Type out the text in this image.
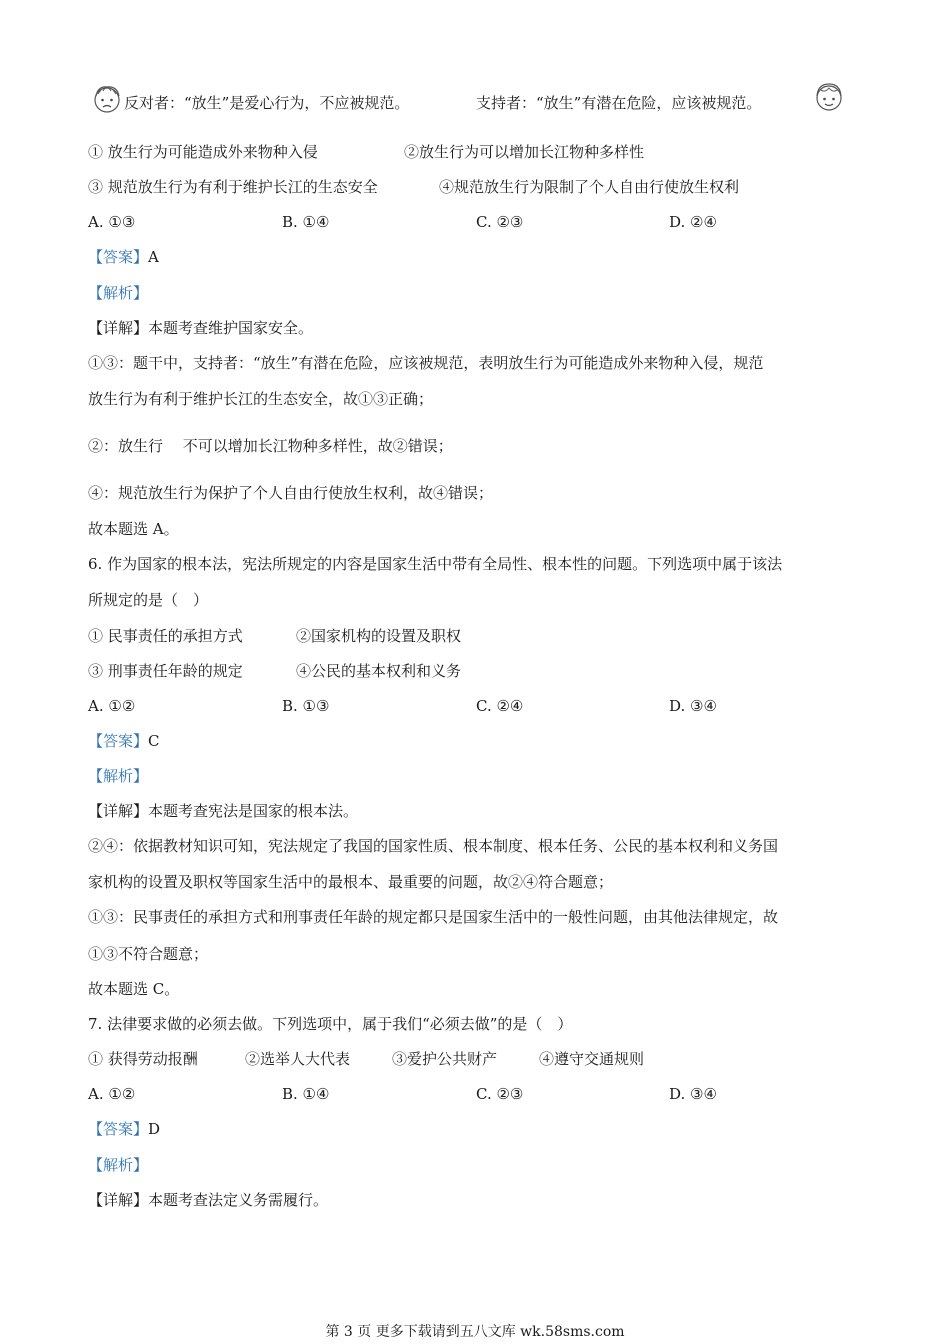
反对者：“放生”是爱心行为，不应被规范。	支持者：“放生”有潜在危险，应该被规范。
① 放生行为可能造成外来物种入侵	②放生行为可以增加长江物种多样性
③ 规范放生行为有利于维护长江的生态安全	④规范放生行为限制了个人自由行使放生权利
A. ①③	B. ①④	C. ②③	D. ②④
【答案】A
【解析】
【详解】本题考查维护国家安全。
①③：题干中，支持者：“放生”有潜在危险，应该被规范，表明放生行为可能造成外来物种入侵，规范
放生行为有利于维护长江的生态安全，故①③正确；
②：放生行　 不可以增加长江物种多样性，故②错误；
④：规范放生行为保护了个人自由行使放生权利，故④错误；
故本题选 A。
6. 作为国家的根本法，宪法所规定的内容是国家生活中带有全局性、根本性的问题。下列选项中属于该法
所规定的是（　）
① 民事责任的承担方式	②国家机构的设置及职权
③ 刑事责任年龄的规定	④公民的基本权利和义务
A. ①②	B. ①③	C. ②④	D. ③④
【答案】C
【解析】
【详解】本题考查宪法是国家的根本法。
②④：依据教材知识可知，宪法规定了我国的国家性质、根本制度、根本任务、公民的基本权利和义务国
家机构的设置及职权等国家生活中的最根本、最重要的问题，故②④符合题意；
①③：民事责任的承担方式和刑事责任年龄的规定都只是国家生活中的一般性问题，由其他法律规定，故
①③不符合题意；
故本题选 C。
7. 法律要求做的必须去做。下列选项中，属于我们“必须去做”的是（　）
① 获得劳动报酬	②选举人大代表	③爱护公共财产	④遵守交通规则
A. ①②	B. ①④	C. ②③	D. ③④
【答案】D
【解析】
【详解】本题考查法定义务需履行。
第 3 页 更多下载请到五八文库 wk.58sms.com
